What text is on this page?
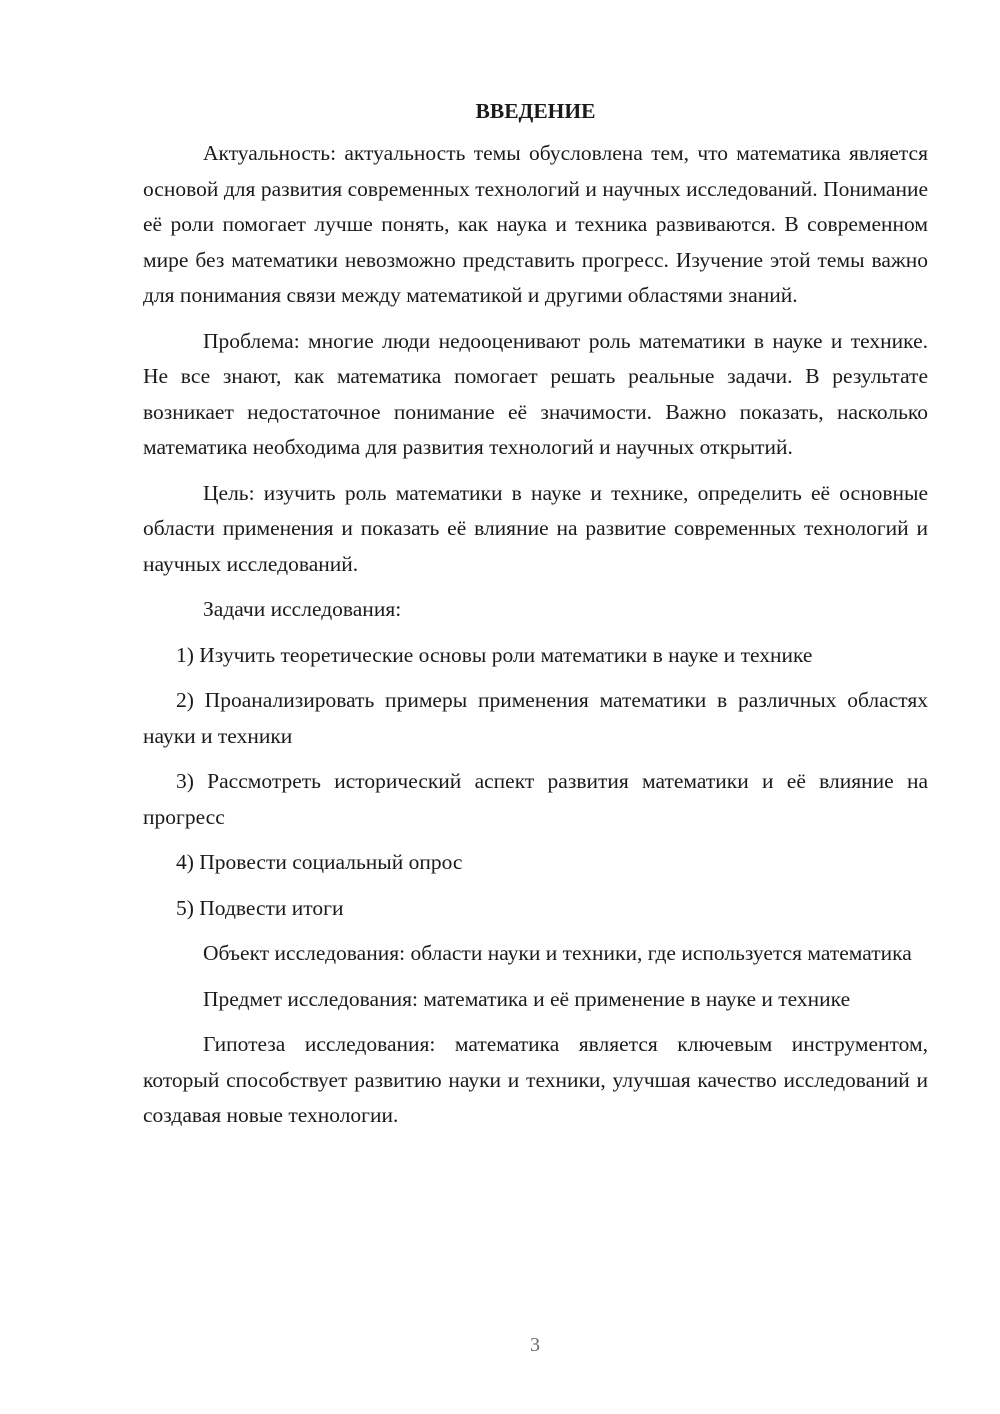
ВВЕДЕНИЕ

Актуальность: актуальность темы обусловлена тем, что математика является основой для развития современных технологий и научных исследований. Понимание её роли помогает лучше понять, как наука и техника развиваются. В современном мире без математики невозможно представить прогресс. Изучение этой темы важно для понимания связи между математикой и другими областями знаний.

Проблема: многие люди недооценивают роль математики в науке и технике. Не все знают, как математика помогает решать реальные задачи. В результате возникает недостаточное понимание её значимости. Важно показать, насколько математика необходима для развития технологий и научных открытий.

Цель: изучить роль математики в науке и технике, определить её основные области применения и показать её влияние на развитие современных технологий и научных исследований.

Задачи исследования:

1) Изучить теоретические основы роли математики в науке и технике

2) Проанализировать примеры применения математики в различных областях науки и техники

3) Рассмотреть исторический аспект развития математики и её влияние на прогресс

4) Провести социальный опрос

5) Подвести итоги

Объект исследования: области науки и техники, где используется математика

Предмет исследования: математика и её применение в науке и технике

Гипотеза исследования: математика является ключевым инструментом, который способствует развитию науки и техники, улучшая качество исследований и создавая новые технологии.

3
